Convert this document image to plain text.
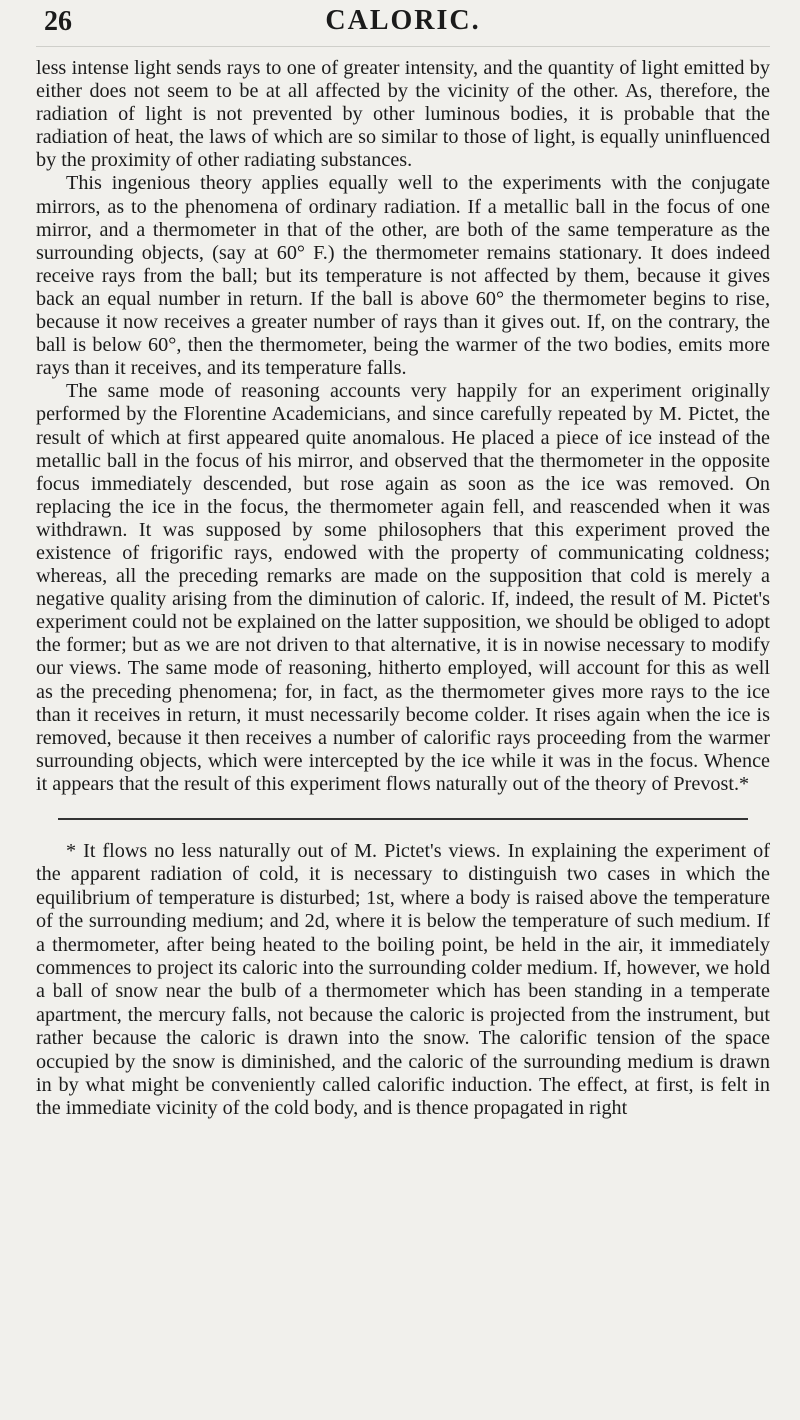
26	CALORIC.

less intense light sends rays to one of greater intensity, and the quantity of light emitted by either does not seem to be at all affected by the vicinity of the other. As, therefore, the radiation of light is not prevented by other luminous bodies, it is probable that the radiation of heat, the laws of which are so similar to those of light, is equally uninfluenced by the proximity of other radiating substances.

This ingenious theory applies equally well to the experiments with the conjugate mirrors, as to the phenomena of ordinary radiation. If a metallic ball in the focus of one mirror, and a thermometer in that of the other, are both of the same temperature as the surrounding objects, (say at 60° F.) the thermometer remains stationary. It does indeed receive rays from the ball; but its temperature is not affected by them, because it gives back an equal number in return. If the ball is above 60° the thermometer begins to rise, because it now receives a greater number of rays than it gives out. If, on the contrary, the ball is below 60°, then the thermometer, being the warmer of the two bodies, emits more rays than it receives, and its temperature falls.

The same mode of reasoning accounts very happily for an experiment originally performed by the Florentine Academicians, and since carefully repeated by M. Pictet, the result of which at first appeared quite anomalous. He placed a piece of ice instead of the metallic ball in the focus of his mirror, and observed that the thermometer in the opposite focus immediately descended, but rose again as soon as the ice was removed. On replacing the ice in the focus, the thermometer again fell, and reascended when it was withdrawn. It was supposed by some philosophers that this experiment proved the existence of frigorific rays, endowed with the property of communicating coldness; whereas, all the preceding remarks are made on the supposition that cold is merely a negative quality arising from the diminution of caloric. If, indeed, the result of M. Pictet's experiment could not be explained on the latter supposition, we should be obliged to adopt the former; but as we are not driven to that alternative, it is in nowise necessary to modify our views. The same mode of reasoning, hitherto employed, will account for this as well as the preceding phenomena; for, in fact, as the thermometer gives more rays to the ice than it receives in return, it must necessarily become colder. It rises again when the ice is removed, because it then receives a number of calorific rays proceeding from the warmer surrounding objects, which were intercepted by the ice while it was in the focus. Whence it appears that the result of this experiment flows naturally out of the theory of Prevost.*

* It flows no less naturally out of M. Pictet's views. In explaining the experiment of the apparent radiation of cold, it is necessary to distinguish two cases in which the equilibrium of temperature is disturbed; 1st, where a body is raised above the temperature of the surrounding medium; and 2d, where it is below the temperature of such medium. If a thermometer, after being heated to the boiling point, be held in the air, it immediately commences to project its caloric into the surrounding colder medium. If, however, we hold a ball of snow near the bulb of a thermometer which has been standing in a temperate apartment, the mercury falls, not because the caloric is projected from the instrument, but rather because the caloric is drawn into the snow. The calorific tension of the space occupied by the snow is diminished, and the caloric of the surrounding medium is drawn in by what might be conveniently called calorific induction. The effect, at first, is felt in the immediate vicinity of the cold body, and is thence propagated in right
